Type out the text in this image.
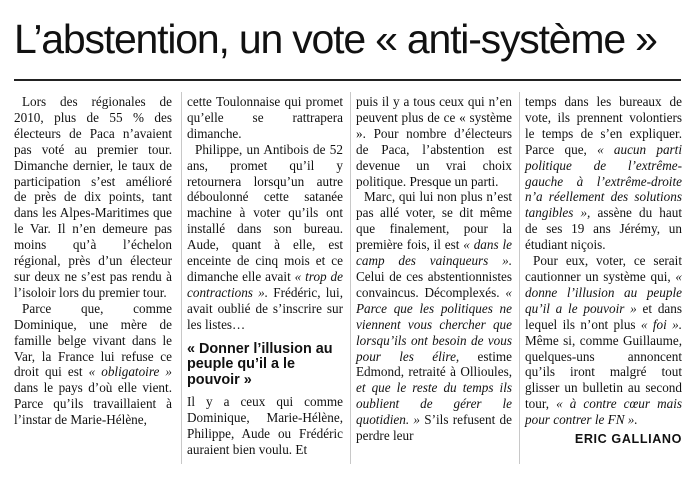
L’abstention, un vote « anti-système »

Lors des régionales de 2010, plus de 55 % des électeurs de Paca n’avaient pas voté au premier tour. Dimanche dernier, le taux de participation s’est amélioré de près de dix points, tant dans les Alpes-Maritimes que le Var. Il n’en demeure pas moins qu’à l’échelon régional, près d’un électeur sur deux ne s’est pas rendu à l’isoloir lors du premier tour.

Parce que, comme Dominique, une mère de famille belge vivant dans le Var, la France lui refuse ce droit qui est « obligatoire » dans le pays d’où elle vient. Parce qu’ils travaillaient à l’instar de Marie-Hélène,

cette Toulonnaise qui promet qu’elle se rattrapera dimanche.

Philippe, un Antibois de 52 ans, promet qu’il y retournera lorsqu’un autre déboulonné cette satanée machine à voter qu’ils ont installé dans son bureau. Aude, quant à elle, est enceinte de cinq mois et ce dimanche elle avait « trop de contractions ». Frédéric, lui, avait oublié de s’inscrire sur les listes…

« Donner l’illusion au peuple qu’il a le pouvoir »

Il y a ceux qui comme Dominique, Marie-Hélène, Philippe, Aude ou Frédéric auraient bien voulu. Et

puis il y a tous ceux qui n’en peuvent plus de ce « système ». Pour nombre d’électeurs de Paca, l’abstention est devenue un vrai choix politique. Presque un parti.

Marc, qui lui non plus n’est pas allé voter, se dit même que finalement, pour la première fois, il est « dans le camp des vainqueurs ». Celui de ces abstentionnistes convaincus. Décomplexés. « Parce que les politiques ne viennent vous chercher que lorsqu’ils ont besoin de vous pour les élire, estime Edmond, retraité à Ollioules, et que le reste du temps ils oublient de gérer le quotidien. » S’ils refusent de perdre leur

temps dans les bureaux de vote, ils prennent volontiers le temps de s’en expliquer. Parce que, « aucun parti politique de l’extrême-gauche à l’extrême-droite n’a réellement des solutions tangibles », assène du haut de ses 19 ans Jérémy, un étudiant niçois.

Pour eux, voter, ce serait cautionner un système qui, « donne l’illusion au peuple qu’il a le pouvoir » et dans lequel ils n’ont plus « foi ». Même si, comme Guillaume, quelques-uns annoncent qu’ils iront malgré tout glisser un bulletin au second tour, « à contre cœur mais pour contrer le FN ».

ERIC GALLIANO
